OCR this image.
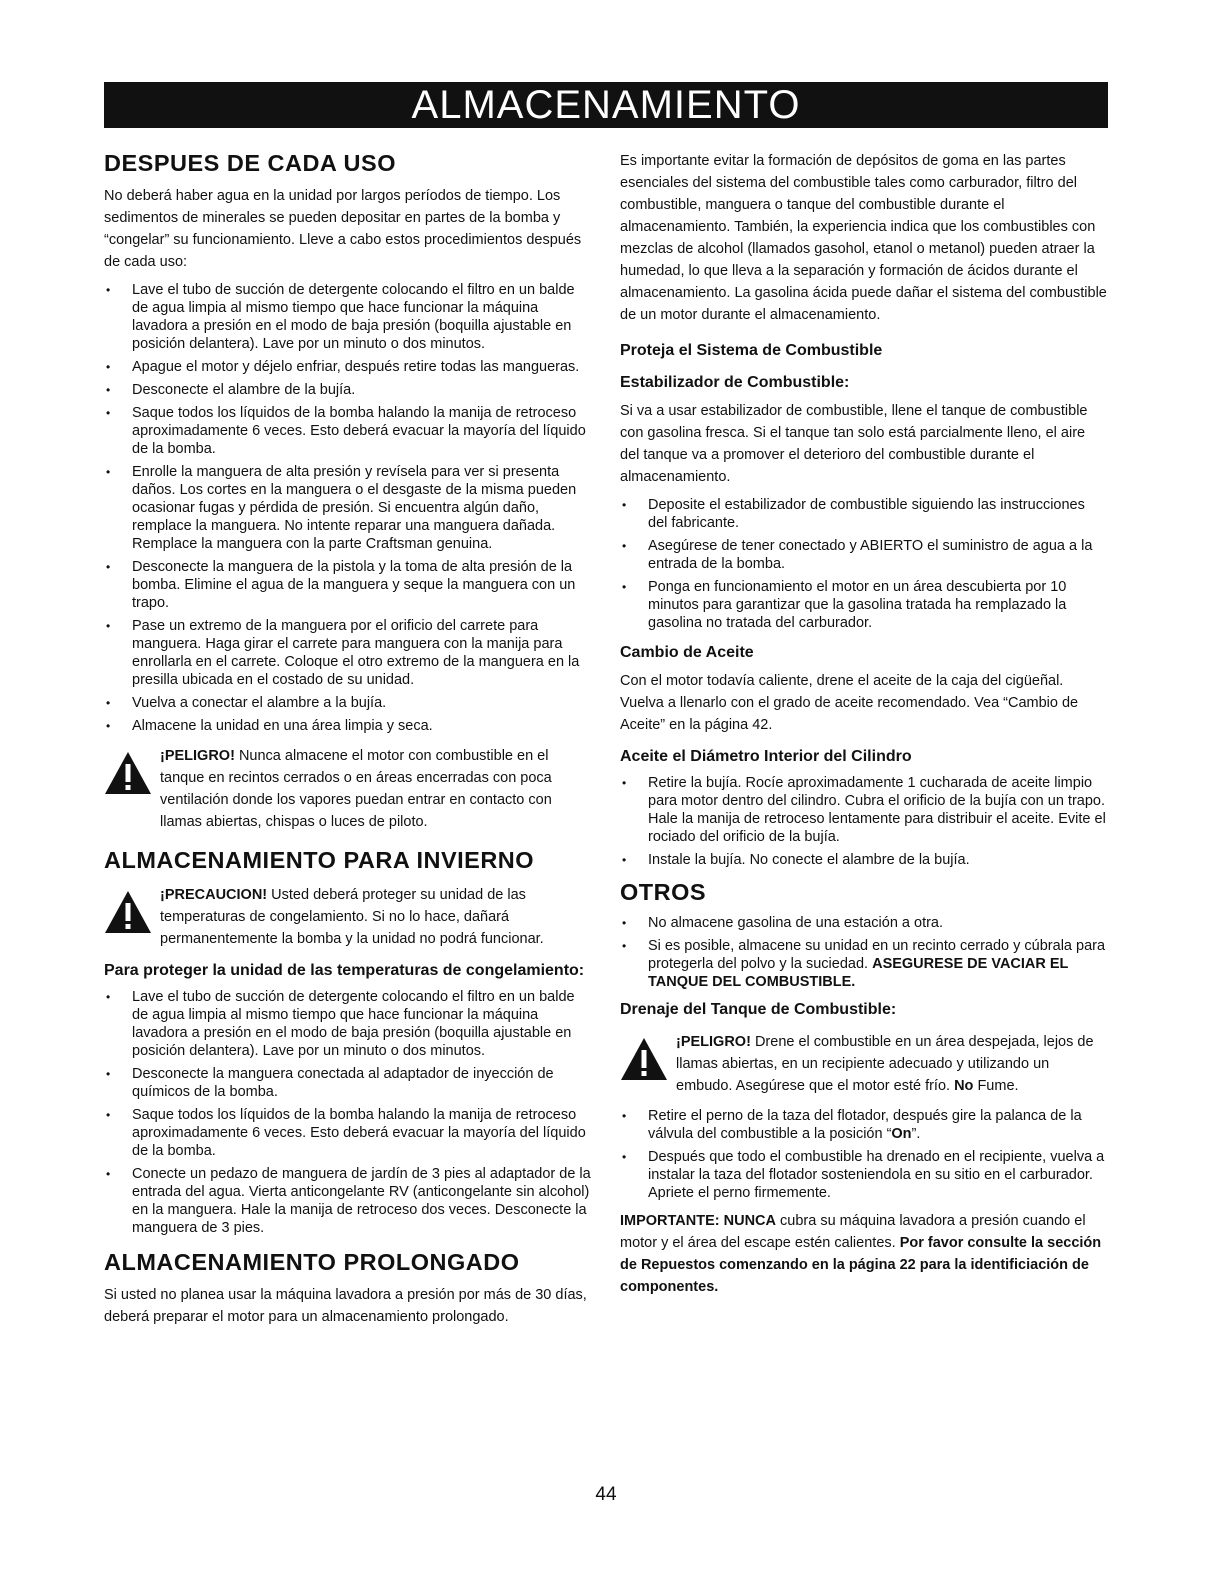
ALMACENAMIENTO
DESPUES DE CADA USO

No deberá haber agua en la unidad por largos períodos de tiempo. Los sedimentos de minerales se pueden depositar en partes de la bomba y “congelar” su funcionamiento. Lleve a cabo estos procedimientos después de cada uso:

• Lave el tubo de succión de detergente colocando el filtro en un balde de agua limpia al mismo tiempo que hace funcionar la máquina lavadora a presión en el modo de baja presión (boquilla ajustable en posición delantera). Lave por un minuto o dos minutos.
• Apague el motor y déjelo enfriar, después retire todas las mangueras.
• Desconecte el alambre de la bujía.
• Saque todos los líquidos de la bomba halando la manija de retroceso aproximadamente 6 veces. Esto deberá evacuar la mayoría del líquido de la bomba.
• Enrolle la manguera de alta presión y revísela para ver si presenta daños. Los cortes en la manguera o el desgaste de la misma pueden ocasionar fugas y pérdida de presión. Si encuentra algún daño, remplace la manguera. No intente reparar una manguera dañada. Remplace la manguera con la parte Craftsman genuina.
• Desconecte la manguera de la pistola y la toma de alta presión de la bomba. Elimine el agua de la manguera y seque la manguera con un trapo.
• Pase un extremo de la manguera por el orificio del carrete para manguera. Haga girar el carrete para manguera con la manija para enrollarla en el carrete. Coloque el otro extremo de la manguera en la presilla ubicada en el costado de su unidad.
• Vuelva a conectar el alambre a la bujía.
• Almacene la unidad en una área limpia y seca.

¡PELIGRO! Nunca almacene el motor con combustible en el tanque en recintos cerrados o en áreas encerradas con poca ventilación donde los vapores puedan entrar en contacto con llamas abiertas, chispas o luces de piloto.

ALMACENAMIENTO PARA INVIERNO

¡PRECAUCION! Usted deberá proteger su unidad de las temperaturas de congelamiento. Si no lo hace, dañará permanentemente la bomba y la unidad no podrá funcionar.

Para proteger la unidad de las temperaturas de congelamiento:
• Lave el tubo de succión de detergente colocando el filtro en un balde de agua limpia al mismo tiempo que hace funcionar la máquina lavadora a presión en el modo de baja presión (boquilla ajustable en posición delantera). Lave por un minuto o dos minutos.
• Desconecte la manguera conectada al adaptador de inyección de químicos de la bomba.
• Saque todos los líquidos de la bomba halando la manija de retroceso aproximadamente 6 veces. Esto deberá evacuar la mayoría del líquido de la bomba.
• Conecte un pedazo de manguera de jardín de 3 pies al adaptador de la entrada del agua. Vierta anticongelante RV (anticongelante sin alcohol) en la manguera. Hale la manija de retroceso dos veces. Desconecte la manguera de 3 pies.
ALMACENAMIENTO PROLONGADO

Si usted no planea usar la máquina lavadora a presión por más de 30 días, deberá preparar el motor para un almacenamiento prolongado.

Es importante evitar la formación de depósitos de goma en las partes esenciales del sistema del combustible tales como carburador, filtro del combustible, manguera o tanque del combustible durante el almacenamiento. También, la experiencia indica que los combustibles con mezclas de alcohol (llamados gasohol, etanol o metanol) pueden atraer la humedad, lo que lleva a la separación y formación de ácidos durante el almacenamiento. La gasolina ácida puede dañar el sistema del combustible de un motor durante el almacenamiento.

Proteja el Sistema de Combustible
Estabilizador de Combustible:

Si va a usar estabilizador de combustible, llene el tanque de combustible con gasolina fresca. Si el tanque tan solo está parcialmente lleno, el aire del tanque va a promover el deterioro del combustible durante el almacenamiento.

• Deposite el estabilizador de combustible siguiendo las instrucciones del fabricante.
• Asegúrese de tener conectado y ABIERTO el suministro de agua a la entrada de la bomba.
• Ponga en funcionamiento el motor en un área descubierta por 10 minutos para garantizar que la gasolina tratada ha remplazado la gasolina no tratada del carburador.
Cambio de Aceite

Con el motor todavía caliente, drene el aceite de la caja del cigüeñal. Vuelva a llenarlo con el grado de aceite recomendado. Vea “Cambio de Aceite” en la página 42.

Aceite el Diámetro Interior del Cilindro
• Retire la bujía. Rocíe aproximadamente 1 cucharada de aceite limpio para motor dentro del cilindro. Cubra el orificio de la bujía con un trapo. Hale la manija de retroceso lentamente para distribuir el aceite. Evite el rociado del orificio de la bujía.
• Instale la bujía. No conecte el alambre de la bujía.
OTROS
• No almacene gasolina de una estación a otra.
• Si es posible, almacene su unidad en un recinto cerrado y cúbrala para protegerla del polvo y la suciedad. ASEGURESE DE VACIAR EL TANQUE DEL COMBUSTIBLE.
Drenaje del Tanque de Combustible:

¡PELIGRO! Drene el combustible en un área despejada, lejos de llamas abiertas, en un recipiente adecuado y utilizando un embudo. Asegúrese que el motor esté frío. No Fume.

• Retire el perno de la taza del flotador, después gire la palanca de la válvula del combustible a la posición “On”.
• Después que todo el combustible ha drenado en el recipiente, vuelva a instalar la taza del flotador sosteniendola en su sitio en el carburador. Apriete el perno firmemente.

IMPORTANTE: NUNCA cubra su máquina lavadora a presión cuando el motor y el área del escape estén calientes. Por favor consulte la sección de Repuestos comenzando en la página 22 para la identificiación de componentes.

44
